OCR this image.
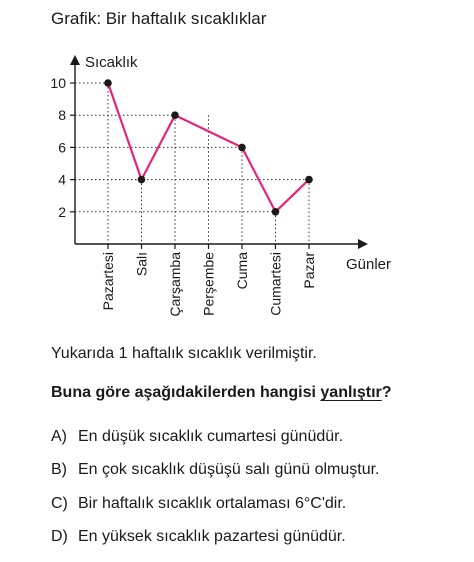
Grafik: Bir haftalık sıcaklıklar
Sıcaklık
Günler
2
4
6
8
10
Pazartesi Salı Çarşamba Perşembe Cuma Cumartesi Pazar
Yukarıda 1 haftalık sıcaklık verilmiştir.
Buna göre aşağıdakilerden hangisi yanlıştır?
A) En düşük sıcaklık cumartesi günüdür.
B) En çok sıcaklık düşüşü salı günü olmuştur.
C) Bir haftalık sıcaklık ortalaması 6°C'dir.
D) En yüksek sıcaklık pazartesi günüdür.
